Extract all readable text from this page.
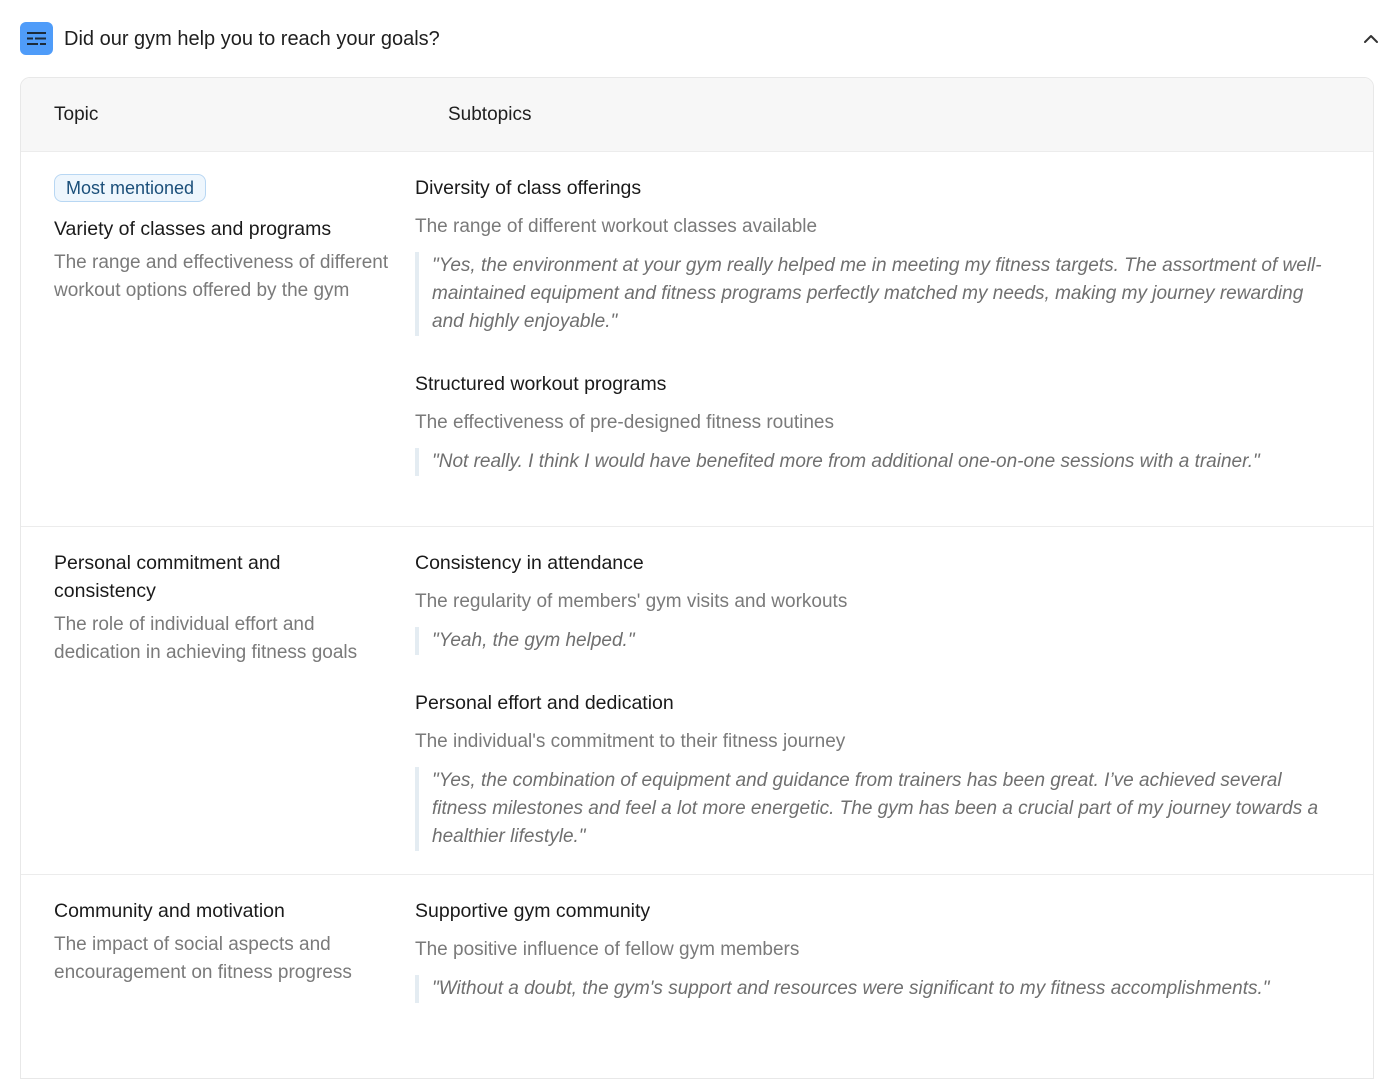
Did our gym help you to reach your goals?
Topic	Subtopics
Most mentioned
Variety of classes and programs
The range and effectiveness of different workout options offered by the gym
Diversity of class offerings
The range of different workout classes available
"Yes, the environment at your gym really helped me in meeting my fitness targets. The assortment of well-maintained equipment and fitness programs perfectly matched my needs, making my journey rewarding and highly enjoyable."
Structured workout programs
The effectiveness of pre-designed fitness routines
"Not really. I think I would have benefited more from additional one-on-one sessions with a trainer."
Personal commitment and consistency
The role of individual effort and dedication in achieving fitness goals
Consistency in attendance
The regularity of members' gym visits and workouts
"Yeah, the gym helped."
Personal effort and dedication
The individual's commitment to their fitness journey
"Yes, the combination of equipment and guidance from trainers has been great. I’ve achieved several fitness milestones and feel a lot more energetic. The gym has been a crucial part of my journey towards a healthier lifestyle."
Community and motivation
The impact of social aspects and encouragement on fitness progress
Supportive gym community
The positive influence of fellow gym members
"Without a doubt, the gym's support and resources were significant to my fitness accomplishments."
